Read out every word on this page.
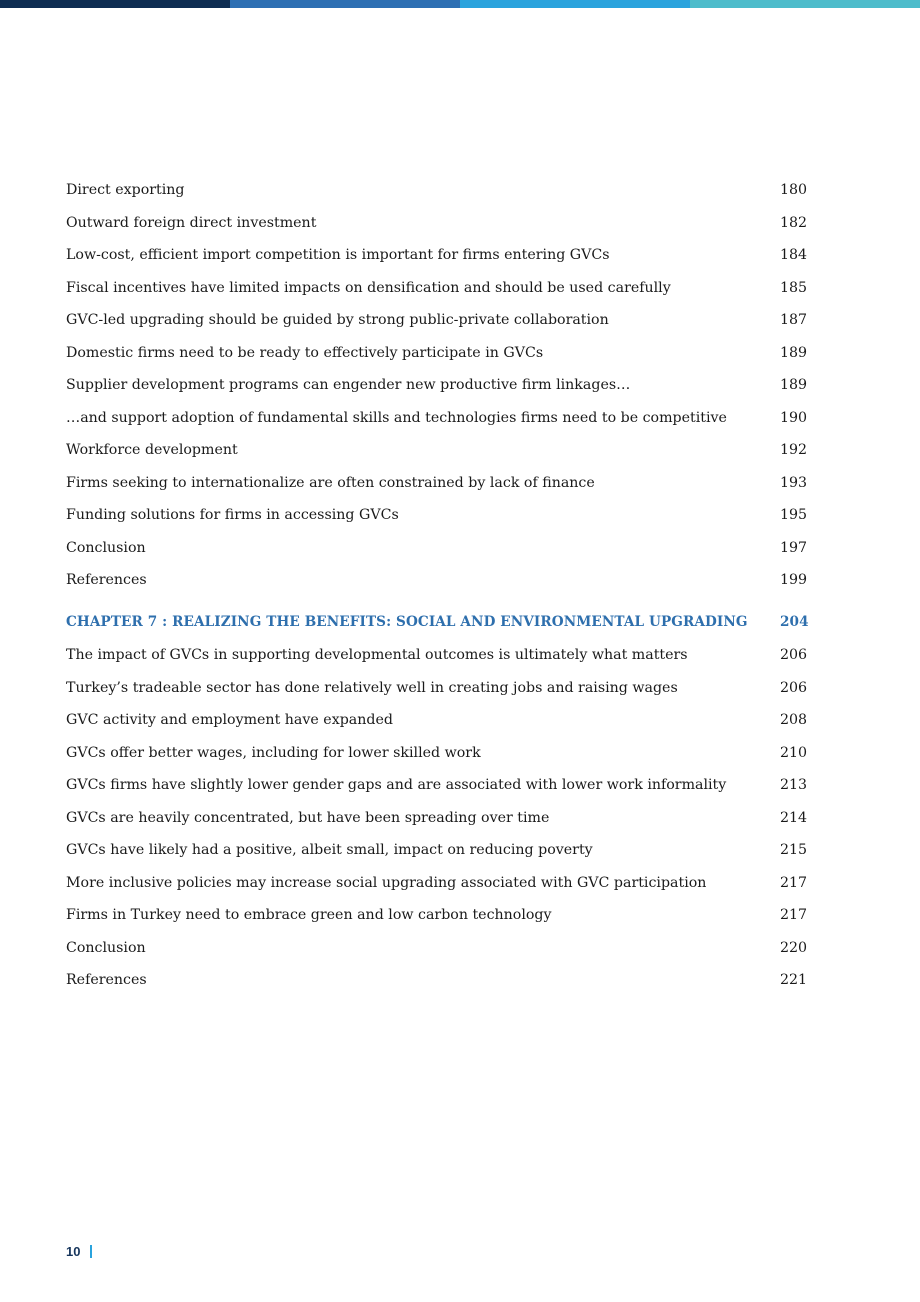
Direct exporting	180
Outward foreign direct investment	182
Low-cost, efficient import competition is important for firms entering GVCs	184
Fiscal incentives have limited impacts on densification and should be used carefully	185
GVC-led upgrading should be guided by strong public-private collaboration	187
Domestic firms need to be ready to effectively participate in GVCs	189
Supplier development programs can engender new productive firm linkages…	189
…and support adoption of fundamental skills and technologies firms need to be competitive	190
Workforce development	192
Firms seeking to internationalize are often constrained by lack of finance	193
Funding solutions for firms in accessing GVCs	195
Conclusion	197
References	199
CHAPTER 7 : REALIZING THE BENEFITS: SOCIAL AND ENVIRONMENTAL UPGRADING 204
The impact of GVCs in supporting developmental outcomes is ultimately what matters	206
Turkey’s tradeable sector has done relatively well in creating jobs and raising wages	206
GVC activity and employment have expanded	208
GVCs offer better wages, including for lower skilled work	210
GVCs firms have slightly lower gender gaps and are associated with lower work informality	213
GVCs are heavily concentrated, but have been spreading over time	214
GVCs have likely had a positive, albeit small, impact on reducing poverty	215
More inclusive policies may increase social upgrading associated with GVC participation	217
Firms in Turkey need to embrace green and low carbon technology	217
Conclusion	220
References	221
10
